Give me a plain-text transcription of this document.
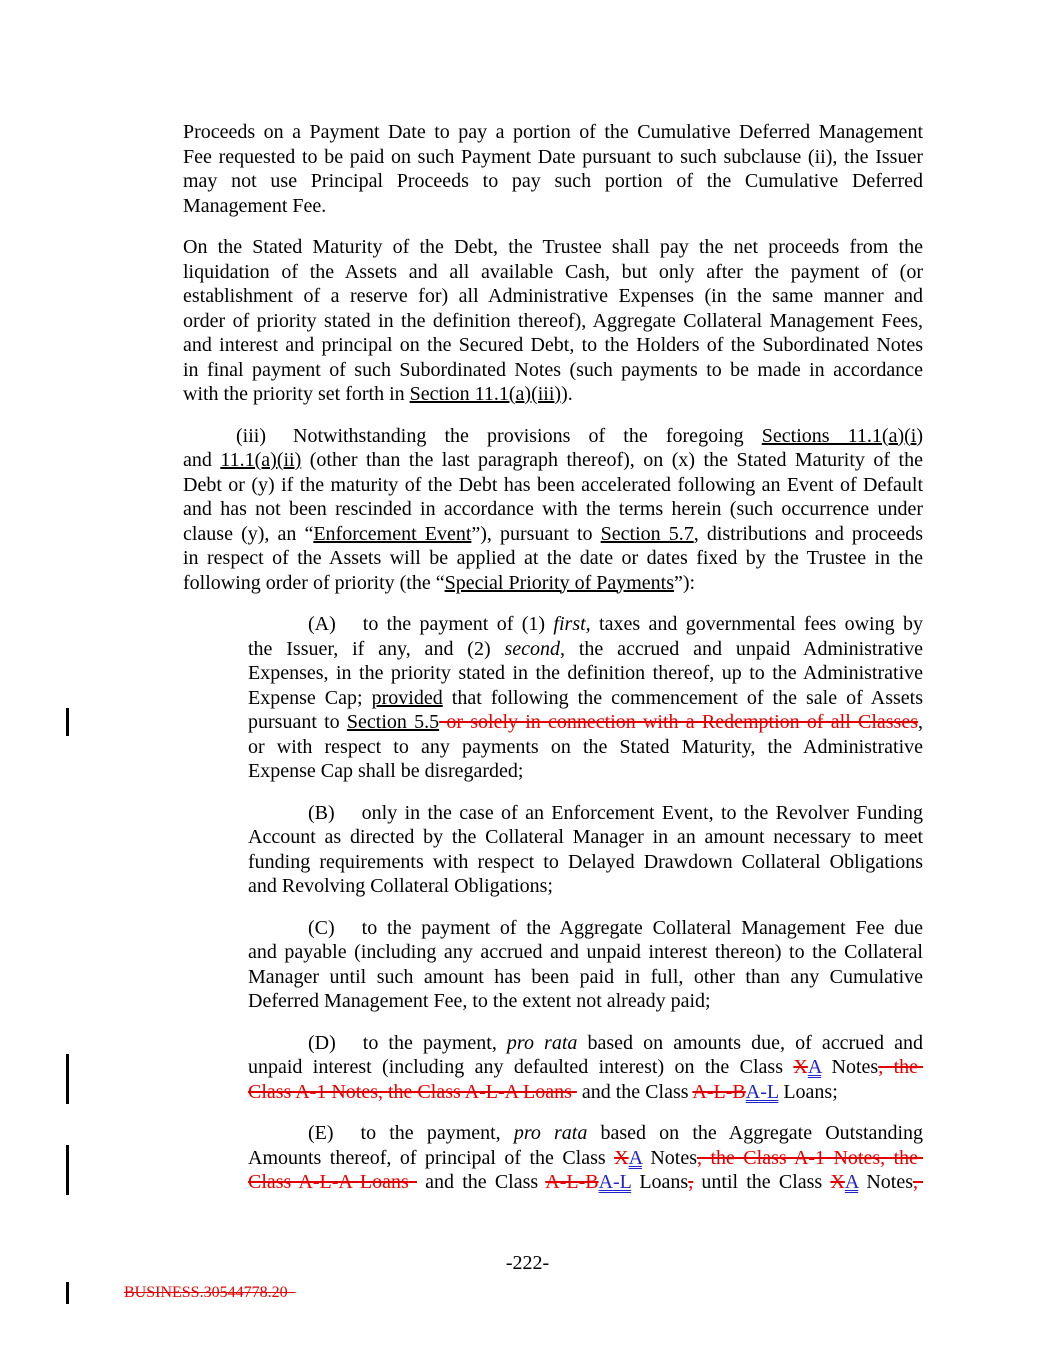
Proceeds on a Payment Date to pay a portion of the Cumulative Deferred Management
Fee requested to be paid on such Payment Date pursuant to such subclause (ii), the Issuer
may not use Principal Proceeds to pay such portion of the Cumulative Deferred
Management Fee.
On the Stated Maturity of the Debt, the Trustee shall pay the net proceeds from the
liquidation of the Assets and all available Cash, but only after the payment of (or
establishment of a reserve for) all Administrative Expenses (in the same manner and
order of priority stated in the definition thereof), Aggregate Collateral Management Fees,
and interest and principal on the Secured Debt, to the Holders of the Subordinated Notes
in final payment of such Subordinated Notes (such payments to be made in accordance
with the priority set forth in Section 11.1(a)(iii)).
(iii) Notwithstanding the provisions of the foregoing Sections 11.1(a)(i)
and 11.1(a)(ii) (other than the last paragraph thereof), on (x) the Stated Maturity of the
Debt or (y) if the maturity of the Debt has been accelerated following an Event of Default
and has not been rescinded in accordance with the terms herein (such occurrence under
clause (y), an “Enforcement Event”), pursuant to Section 5.7, distributions and proceeds
in respect of the Assets will be applied at the date or dates fixed by the Trustee in the
following order of priority (the “Special Priority of Payments”):
(A) to the payment of (1) first, taxes and governmental fees owing by
the Issuer, if any, and (2) second, the accrued and unpaid Administrative
Expenses, in the priority stated in the definition thereof, up to the Administrative
Expense Cap; provided that following the commencement of the sale of Assets
pursuant to Section 5.5 or solely in connection with a Redemption of all Classes,
or with respect to any payments on the Stated Maturity, the Administrative
Expense Cap shall be disregarded;
(B) only in the case of an Enforcement Event, to the Revolver Funding
Account as directed by the Collateral Manager in an amount necessary to meet
funding requirements with respect to Delayed Drawdown Collateral Obligations
and Revolving Collateral Obligations;
(C) to the payment of the Aggregate Collateral Management Fee due
and payable (including any accrued and unpaid interest thereon) to the Collateral
Manager until such amount has been paid in full, other than any Cumulative
Deferred Management Fee, to the extent not already paid;
(D) to the payment, pro rata based on amounts due, of accrued and
unpaid interest (including any defaulted interest) on the Class XA Notes, the
Class A-1 Notes, the Class A-L-A Loans and the Class A-L-BA-L Loans;
(E) to the payment, pro rata based on the Aggregate Outstanding
Amounts thereof, of principal of the Class XA Notes, the Class A-1 Notes, the
Class A-L-A Loans and the Class A-L-BA-L Loans, until the Class XA Notes,
-222-
BUSINESS.30544778.20
